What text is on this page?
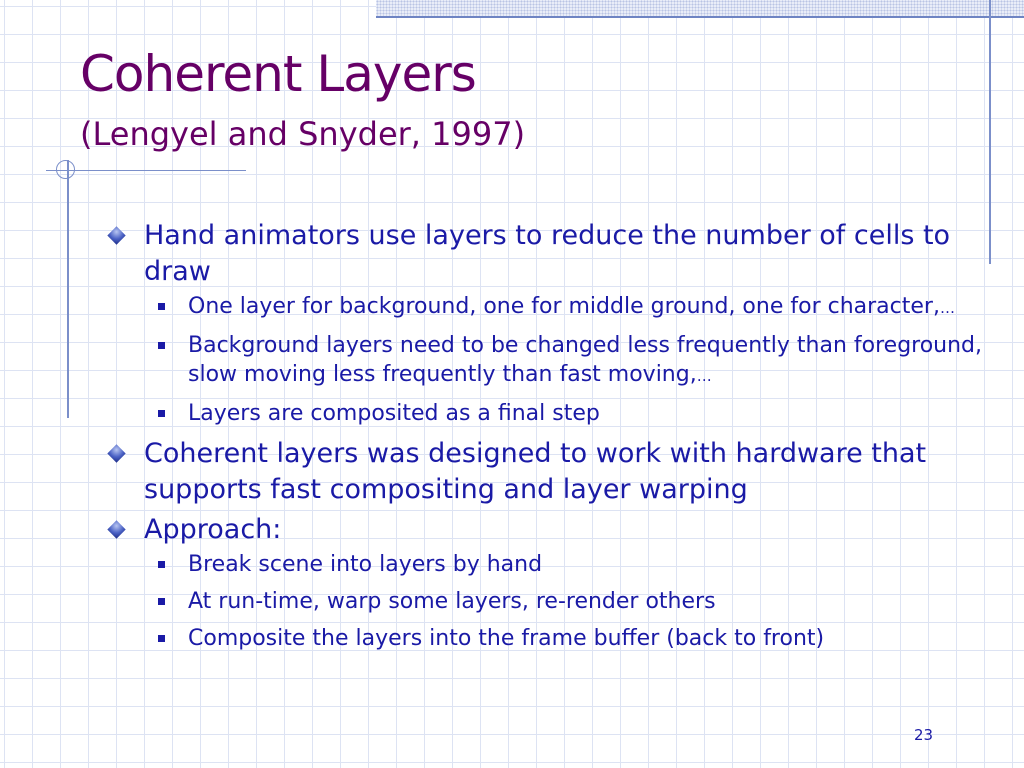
Coherent Layers
(Lengyel and Snyder, 1997)
Hand animators use layers to reduce the number of cells to draw
One layer for background, one for middle ground, one for character,…
Background layers need to be changed less frequently than foreground, slow moving less frequently than fast moving,…
Layers are composited as a final step
Coherent layers was designed to work with hardware that supports fast compositing and layer warping
Approach:
Break scene into layers by hand
At run-time, warp some layers, re-render others
Composite the layers into the frame buffer (back to front)
23
